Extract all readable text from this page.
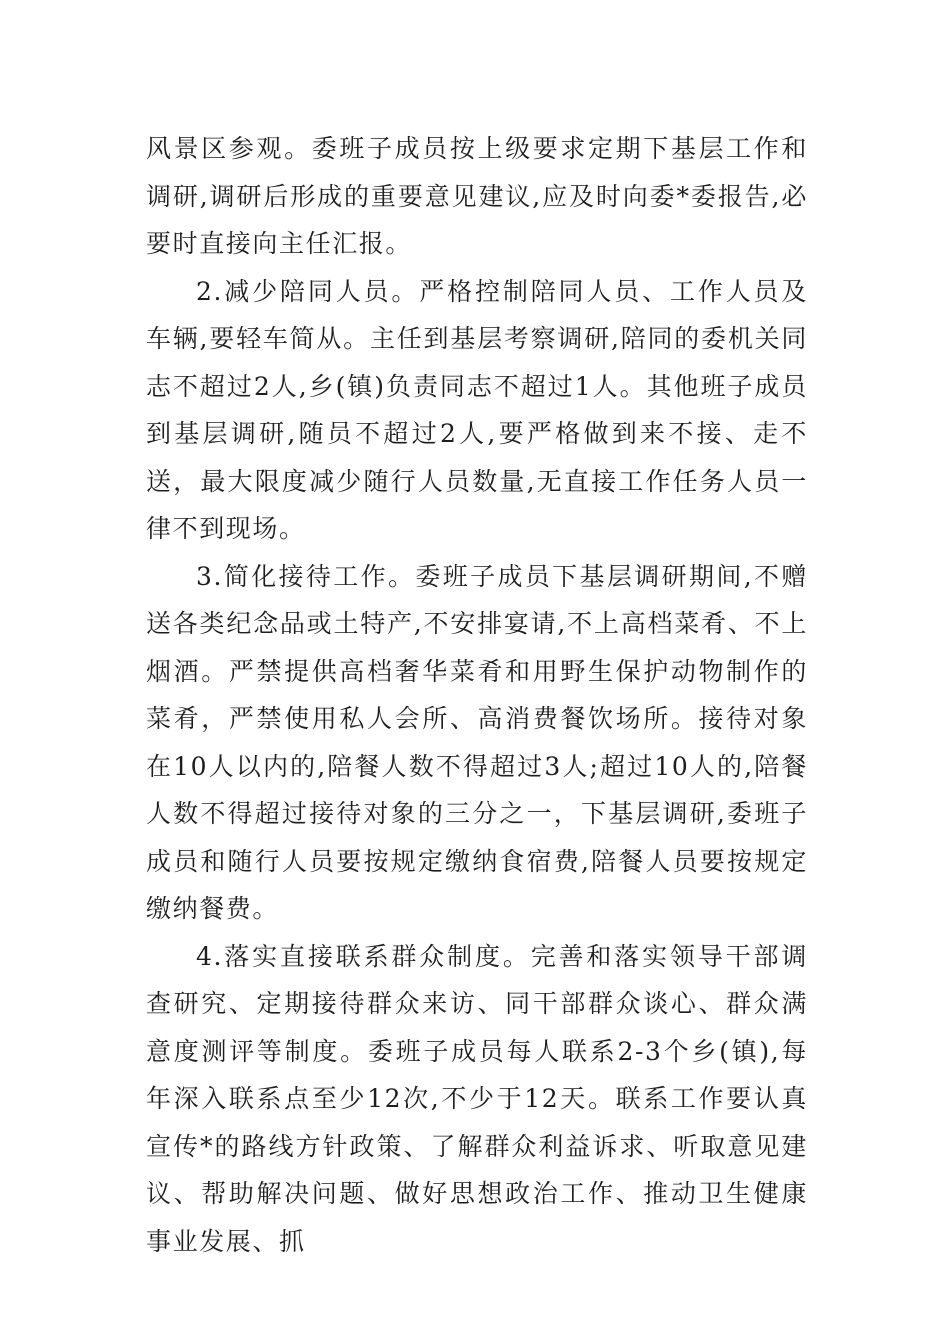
风景区参观。委班子成员按上级要求定期下基层工作和调研,调研后形成的重要意见建议,应及时向委*委报告,必要时直接向主任汇报。

2.减少陪同人员。严格控制陪同人员、工作人员及车辆,要轻车简从。主任到基层考察调研,陪同的委机关同志不超过2人,乡(镇)负责同志不超过1人。其他班子成员到基层调研,随员不超过2人,要严格做到来不接、走不送，最大限度减少随行人员数量,无直接工作任务人员一律不到现场。

3.简化接待工作。委班子成员下基层调研期间,不赠送各类纪念品或土特产,不安排宴请,不上高档菜肴、不上烟酒。严禁提供高档奢华菜肴和用野生保护动物制作的菜肴，严禁使用私人会所、高消费餐饮场所。接待对象在10人以内的,陪餐人数不得超过3人;超过10人的,陪餐人数不得超过接待对象的三分之一，下基层调研,委班子成员和随行人员要按规定缴纳食宿费,陪餐人员要按规定缴纳餐费。

4.落实直接联系群众制度。完善和落实领导干部调查研究、定期接待群众来访、同干部群众谈心、群众满意度测评等制度。委班子成员每人联系2-3个乡(镇),每年深入联系点至少12次,不少于12天。联系工作要认真宣传*的路线方针政策、了解群众利益诉求、听取意见建议、帮助解决问题、做好思想政治工作、推动卫生健康事业发展、抓
